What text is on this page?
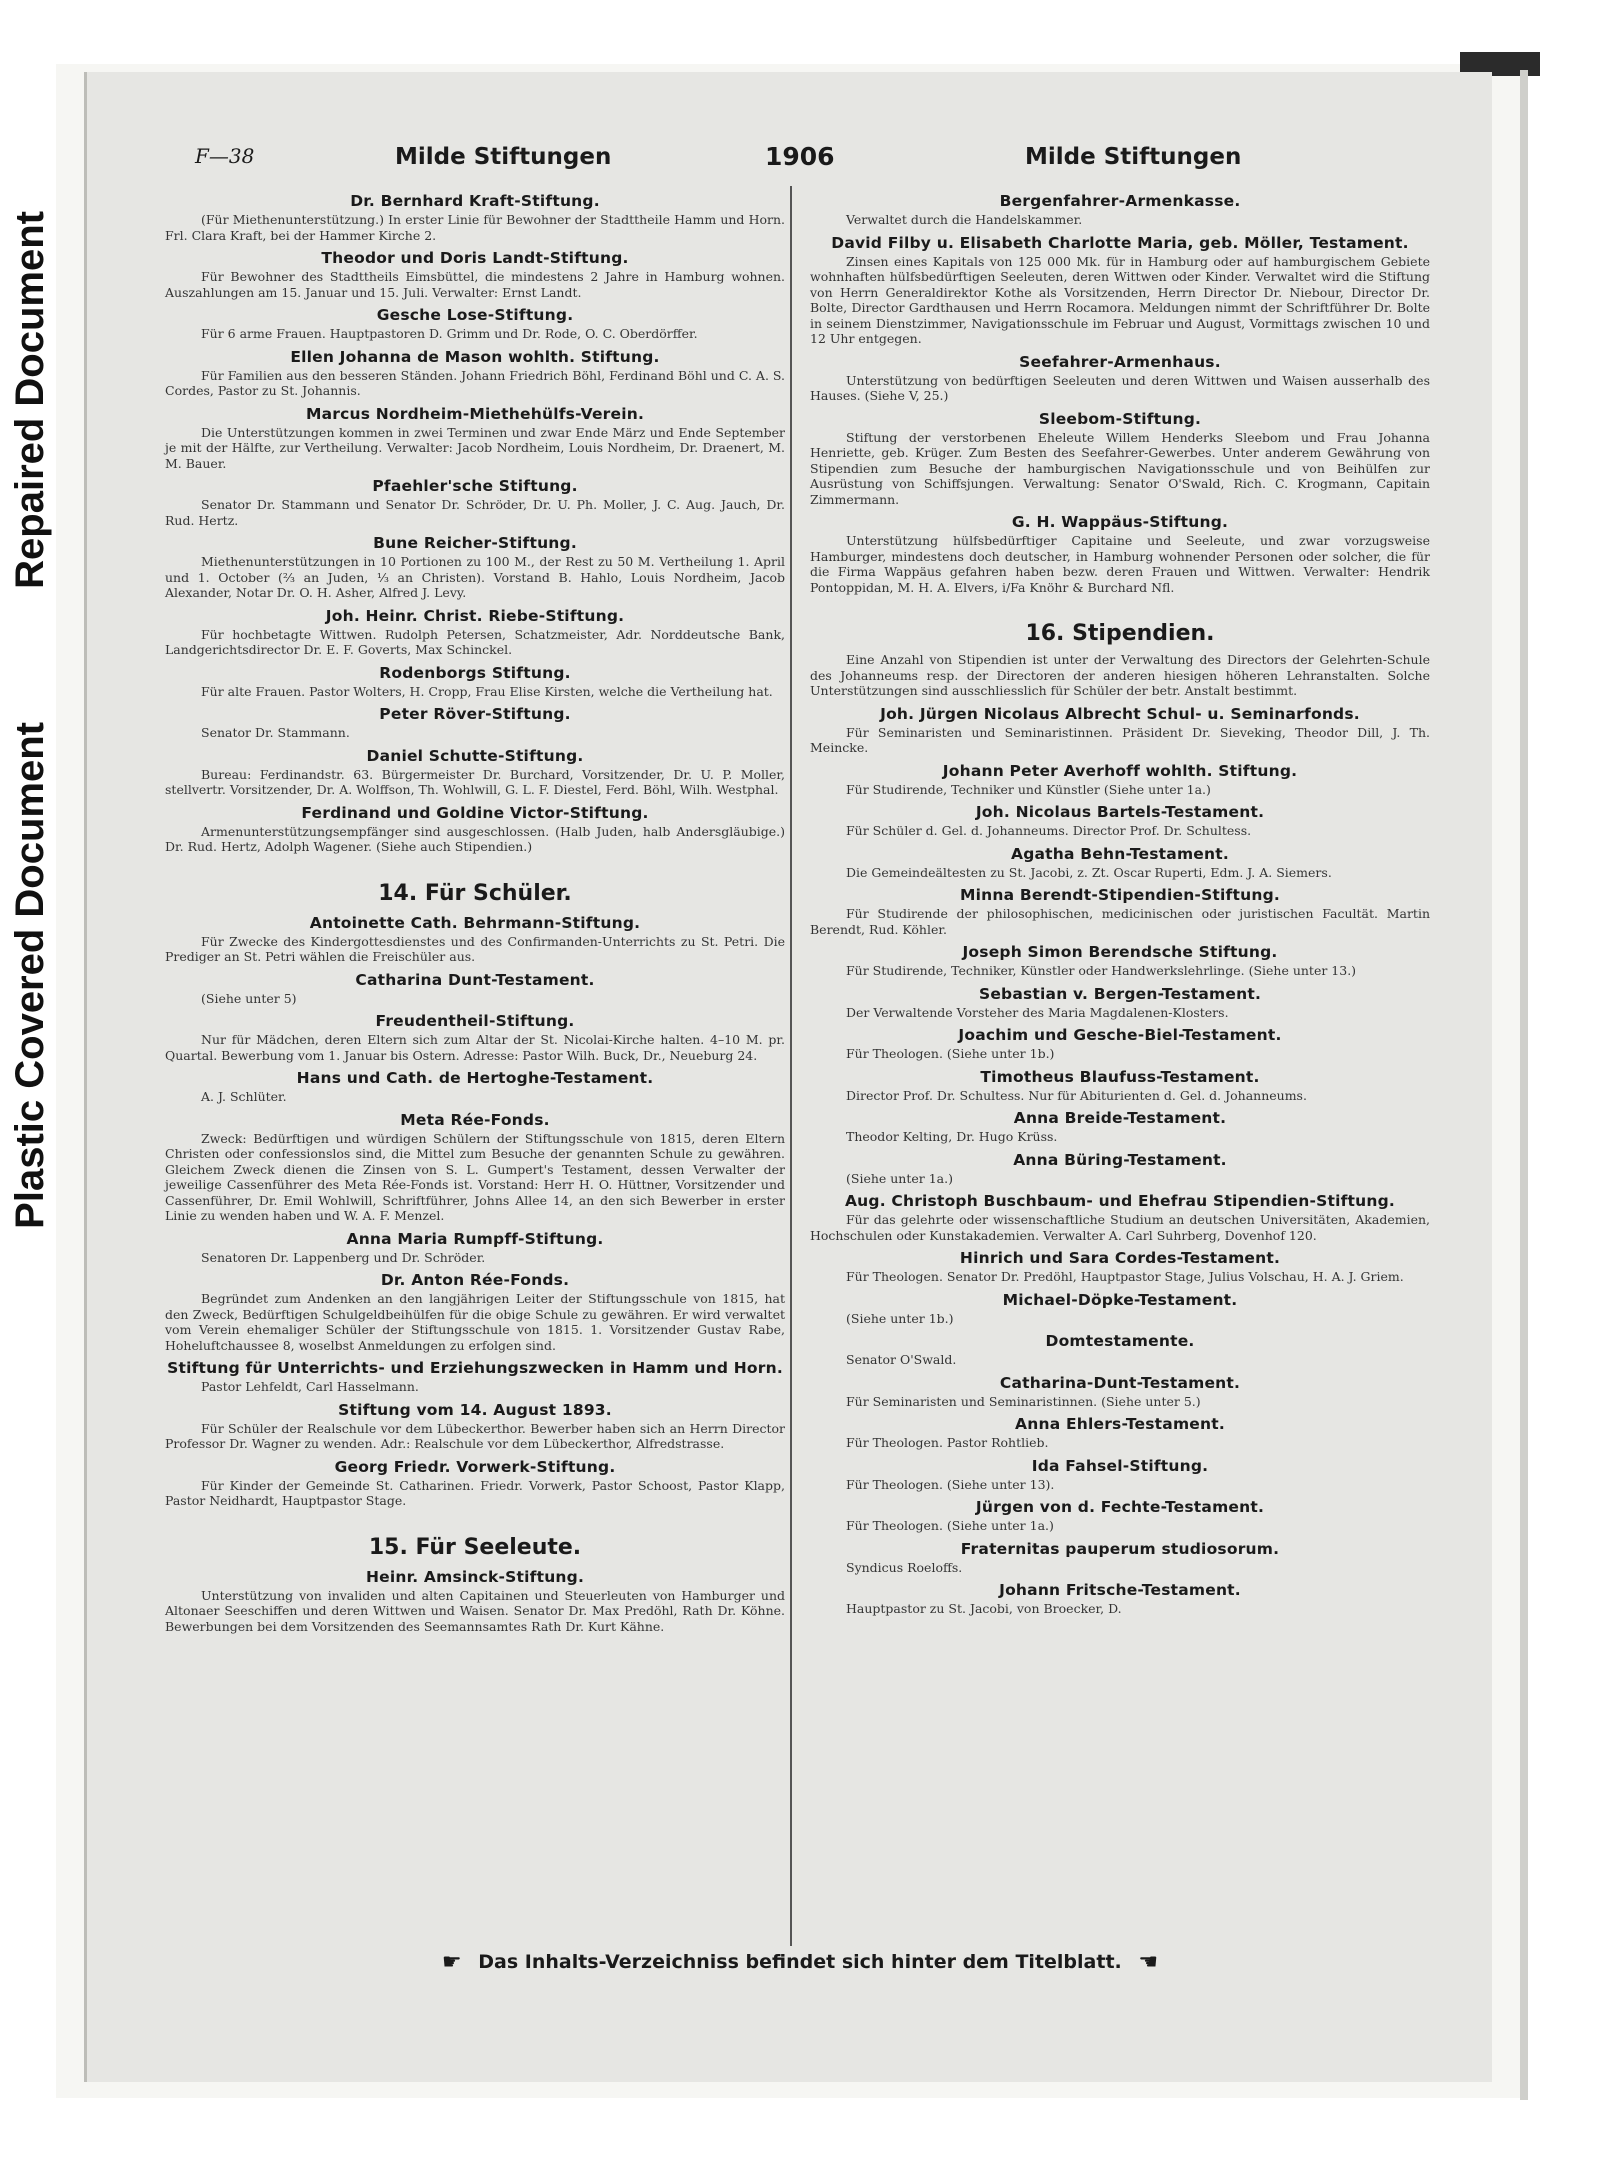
Repaired Document
Plastic Covered Document
F—38	Milde Stiftungen	1906	Milde Stiftungen
Dr. Bernhard Kraft-Stiftung.

(Für Miethenunterstützung.) In erster Linie für Bewohner der Stadttheile Hamm und Horn. Frl. Clara Kraft, bei der Hammer Kirche 2.

Theodor und Doris Landt-Stiftung.

Für Bewohner des Stadttheils Eimsbüttel, die mindestens 2 Jahre in Hamburg wohnen. Auszahlungen am 15. Januar und 15. Juli. Verwalter: Ernst Landt.

Gesche Lose-Stiftung.

Für 6 arme Frauen. Hauptpastoren D. Grimm und Dr. Rode, O. C. Oberdörffer.

Ellen Johanna de Mason wohlth. Stiftung.

Für Familien aus den besseren Ständen. Johann Friedrich Böhl, Ferdinand Böhl und C. A. S. Cordes, Pastor zu St. Johannis.

Marcus Nordheim-Miethehülfs-Verein.

Die Unterstützungen kommen in zwei Terminen und zwar Ende März und Ende September je mit der Hälfte, zur Vertheilung. Verwalter: Jacob Nordheim, Louis Nordheim, Dr. Draenert, M. M. Bauer.

Pfaehler'sche Stiftung.

Senator Dr. Stammann und Senator Dr. Schröder, Dr. U. Ph. Moller, J. C. Aug. Jauch, Dr. Rud. Hertz.

Bune Reicher-Stiftung.

Miethenunterstützungen in 10 Portionen zu 100 M., der Rest zu 50 M. Vertheilung 1. April und 1. October (⅔ an Juden, ⅓ an Christen). Vorstand B. Hahlo, Louis Nordheim, Jacob Alexander, Notar Dr. O. H. Asher, Alfred J. Levy.

Joh. Heinr. Christ. Riebe-Stiftung.

Für hochbetagte Wittwen. Rudolph Petersen, Schatzmeister, Adr. Norddeutsche Bank, Landgerichtsdirector Dr. E. F. Goverts, Max Schinckel.

Rodenborgs Stiftung.

Für alte Frauen. Pastor Wolters, H. Cropp, Frau Elise Kirsten, welche die Vertheilung hat.

Peter Röver-Stiftung.

Senator Dr. Stammann.

Daniel Schutte-Stiftung.

Bureau: Ferdinandstr. 63. Bürgermeister Dr. Burchard, Vorsitzender, Dr. U. P. Moller, stellvertr. Vorsitzender, Dr. A. Wolffson, Th. Wohlwill, G. L. F. Diestel, Ferd. Böhl, Wilh. Westphal.

Ferdinand und Goldine Victor-Stiftung.

Armenunterstützungsempfänger sind ausgeschlossen. (Halb Juden, halb Andersgläubige.) Dr. Rud. Hertz, Adolph Wagener. (Siehe auch Stipendien.)

14. Für Schüler.
Antoinette Cath. Behrmann-Stiftung.

Für Zwecke des Kindergottesdienstes und des Confirmanden-Unterrichts zu St. Petri. Die Prediger an St. Petri wählen die Freischüler aus.

Catharina Dunt-Testament.

(Siehe unter 5)

Freudentheil-Stiftung.

Nur für Mädchen, deren Eltern sich zum Altar der St. Nicolai-Kirche halten. 4–10 M. pr. Quartal. Bewerbung vom 1. Januar bis Ostern. Adresse: Pastor Wilh. Buck, Dr., Neueburg 24.

Hans und Cath. de Hertoghe-Testament.

A. J. Schlüter.

Meta Rée-Fonds.

Zweck: Bedürftigen und würdigen Schülern der Stiftungsschule von 1815, deren Eltern Christen oder confessionslos sind, die Mittel zum Besuche der genannten Schule zu gewähren. Gleichem Zweck dienen die Zinsen von S. L. Gumpert's Testament, dessen Verwalter der jeweilige Cassenführer des Meta Rée-Fonds ist. Vorstand: Herr H. O. Hüttner, Vorsitzender und Cassenführer, Dr. Emil Wohlwill, Schriftführer, Johns Allee 14, an den sich Bewerber in erster Linie zu wenden haben und W. A. F. Menzel.

Anna Maria Rumpff-Stiftung.

Senatoren Dr. Lappenberg und Dr. Schröder.

Dr. Anton Rée-Fonds.

Begründet zum Andenken an den langjährigen Leiter der Stiftungsschule von 1815, hat den Zweck, Bedürftigen Schulgeldbeihülfen für die obige Schule zu gewähren. Er wird verwaltet vom Verein ehemaliger Schüler der Stiftungsschule von 1815. 1. Vorsitzender Gustav Rabe, Hoheluftchaussee 8, woselbst Anmeldungen zu erfolgen sind.

Stiftung für Unterrichts- und Erziehungszwecken in Hamm und Horn.

Pastor Lehfeldt, Carl Hasselmann.

Stiftung vom 14. August 1893.

Für Schüler der Realschule vor dem Lübeckerthor. Bewerber haben sich an Herrn Director Professor Dr. Wagner zu wenden. Adr.: Realschule vor dem Lübeckerthor, Alfredstrasse.

Georg Friedr. Vorwerk-Stiftung.

Für Kinder der Gemeinde St. Catharinen. Friedr. Vorwerk, Pastor Schoost, Pastor Klapp, Pastor Neidhardt, Hauptpastor Stage.

15. Für Seeleute.
Heinr. Amsinck-Stiftung.

Unterstützung von invaliden und alten Capitainen und Steuerleuten von Hamburger und Altonaer Seeschiffen und deren Wittwen und Waisen. Senator Dr. Max Predöhl, Rath Dr. Köhne. Bewerbungen bei dem Vorsitzenden des Seemannsamtes Rath Dr. Kurt Kähne.

Bergenfahrer-Armenkasse.

Verwaltet durch die Handelskammer.

David Filby u. Elisabeth Charlotte Maria, geb. Möller, Testament.

Zinsen eines Kapitals von 125 000 Mk. für in Hamburg oder auf hamburgischem Gebiete wohnhaften hülfsbedürftigen Seeleuten, deren Wittwen oder Kinder. Verwaltet wird die Stiftung von Herrn Generaldirektor Kothe als Vorsitzenden, Herrn Director Dr. Niebour, Director Dr. Bolte, Director Gardthausen und Herrn Rocamora. Meldungen nimmt der Schriftführer Dr. Bolte in seinem Dienstzimmer, Navigationsschule im Februar und August, Vormittags zwischen 10 und 12 Uhr entgegen.

Seefahrer-Armenhaus.

Unterstützung von bedürftigen Seeleuten und deren Wittwen und Waisen ausserhalb des Hauses. (Siehe V, 25.)

Sleebom-Stiftung.

Stiftung der verstorbenen Eheleute Willem Henderks Sleebom und Frau Johanna Henriette, geb. Krüger. Zum Besten des Seefahrer-Gewerbes. Unter anderem Gewährung von Stipendien zum Besuche der hamburgischen Navigationsschule und von Beihülfen zur Ausrüstung von Schiffsjungen. Verwaltung: Senator O'Swald, Rich. C. Krogmann, Capitain Zimmermann.

G. H. Wappäus-Stiftung.

Unterstützung hülfsbedürftiger Capitaine und Seeleute, und zwar vorzugsweise Hamburger, mindestens doch deutscher, in Hamburg wohnender Personen oder solcher, die für die Firma Wappäus gefahren haben bezw. deren Frauen und Wittwen. Verwalter: Hendrik Pontoppidan, M. H. A. Elvers, i/Fa Knöhr & Burchard Nfl.

16. Stipendien.

Eine Anzahl von Stipendien ist unter der Verwaltung des Directors der Gelehrten-Schule des Johanneums resp. der Directoren der anderen hiesigen höheren Lehranstalten. Solche Unterstützungen sind ausschliesslich für Schüler der betr. Anstalt bestimmt.

Joh. Jürgen Nicolaus Albrecht Schul- u. Seminarfonds.

Für Seminaristen und Seminaristinnen. Präsident Dr. Sieveking, Theodor Dill, J. Th. Meincke.

Johann Peter Averhoff wohlth. Stiftung.

Für Studirende, Techniker und Künstler (Siehe unter 1a.)

Joh. Nicolaus Bartels-Testament.

Für Schüler d. Gel. d. Johanneums. Director Prof. Dr. Schultess.

Agatha Behn-Testament.

Die Gemeindeältesten zu St. Jacobi, z. Zt. Oscar Ruperti, Edm. J. A. Siemers.

Minna Berendt-Stipendien-Stiftung.

Für Studirende der philosophischen, medicinischen oder juristischen Facultät. Martin Berendt, Rud. Köhler.

Joseph Simon Berendsche Stiftung.

Für Studirende, Techniker, Künstler oder Handwerkslehrlinge. (Siehe unter 13.)

Sebastian v. Bergen-Testament.

Der Verwaltende Vorsteher des Maria Magdalenen-Klosters.

Joachim und Gesche-Biel-Testament.

Für Theologen. (Siehe unter 1b.)

Timotheus Blaufuss-Testament.

Director Prof. Dr. Schultess. Nur für Abiturienten d. Gel. d. Johanneums.

Anna Breide-Testament.

Theodor Kelting, Dr. Hugo Krüss.

Anna Büring-Testament.

(Siehe unter 1a.)

Aug. Christoph Buschbaum- und Ehefrau Stipendien-Stiftung.

Für das gelehrte oder wissenschaftliche Studium an deutschen Universitäten, Akademien, Hochschulen oder Kunstakademien. Verwalter A. Carl Suhrberg, Dovenhof 120.

Hinrich und Sara Cordes-Testament.

Für Theologen. Senator Dr. Predöhl, Hauptpastor Stage, Julius Volschau, H. A. J. Griem.

Michael-Döpke-Testament.

(Siehe unter 1b.)

Domtestamente.

Senator O'Swald.

Catharina-Dunt-Testament.

Für Seminaristen und Seminaristinnen. (Siehe unter 5.)

Anna Ehlers-Testament.

Für Theologen. Pastor Rohtlieb.

Ida Fahsel-Stiftung.

Für Theologen. (Siehe unter 13).

Jürgen von d. Fechte-Testament.

Für Theologen. (Siehe unter 1a.)

Fraternitas pauperum studiosorum.

Syndicus Roeloffs.

Johann Fritsche-Testament.

Hauptpastor zu St. Jacobi, von Broecker, D.

☛ Das Inhalts-Verzeichniss befindet sich hinter dem Titelblatt. ☚
